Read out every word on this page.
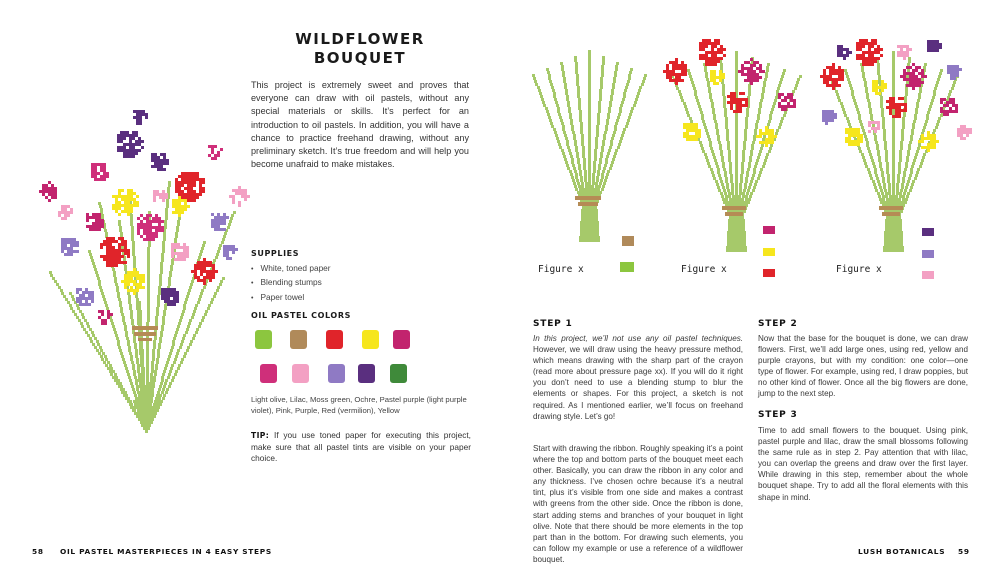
WILDFLOWER
BOUQUET
This project is extremely sweet and proves that everyone can draw with oil pastels, without any special materials or skills. It’s perfect for an introduction to oil pastels. In addition, you will have a chance to practice freehand drawing, without any preliminary sketch. It’s true freedom and will help you become unafraid to make mistakes.
SUPPLIES
• White, toned paper
• Blending stumps
• Paper towel
OIL PASTEL COLORS
Light olive, Lilac, Moss green, Ochre, Pastel purple (light purple violet), Pink, Purple, Red (vermilion), Yellow
TIP: If you use toned paper for executing this project, make sure that all pastel tints are visible on your paper choice.
58 OIL PASTEL MASTERPIECES IN 4 EASY STEPS
Figure x	Figure x	Figure x
STEP 1
In this project, we’ll not use any oil pastel techniques. However, we will draw using the heavy pressure method, which means drawing with the sharp part of the crayon (read more about pressure page xx). If you will do it right you don’t need to use a blending stump to blur the elements or shapes. For this project, a sketch is not required. As I mentioned earlier, we’ll focus on freehand drawing style. Let’s go!
Start with drawing the ribbon. Roughly speaking it’s a point where the top and bottom parts of the bouquet meet each other. Basically, you can draw the ribbon in any color and any thickness. I’ve chosen ochre because it’s a neutral tint, plus it’s visible from one side and makes a contrast with greens from the other side. Once the ribbon is done, start adding stems and branches of your bouquet in light olive. Note that there should be more elements in the top part than in the bottom. For drawing such elements, you can follow my example or use a reference of a wildflower bouquet.
STEP 2
Now that the base for the bouquet is done, we can draw flowers. First, we’ll add large ones, using red, yellow and purple crayons, but with my condition: one color—one type of flower. For example, using red, I draw poppies, but no other kind of flower. Once all the big flowers are done, jump to the next step.
STEP 3
Time to add small flowers to the bouquet. Using pink, pastel purple and lilac, draw the small blossoms following the same rule as in step 2. Pay attention that with lilac, you can overlap the greens and draw over the first layer. While drawing in this step, remember about the whole bouquet shape. Try to add all the floral elements with this shape in mind.
LUSH BOTANICALS 59
